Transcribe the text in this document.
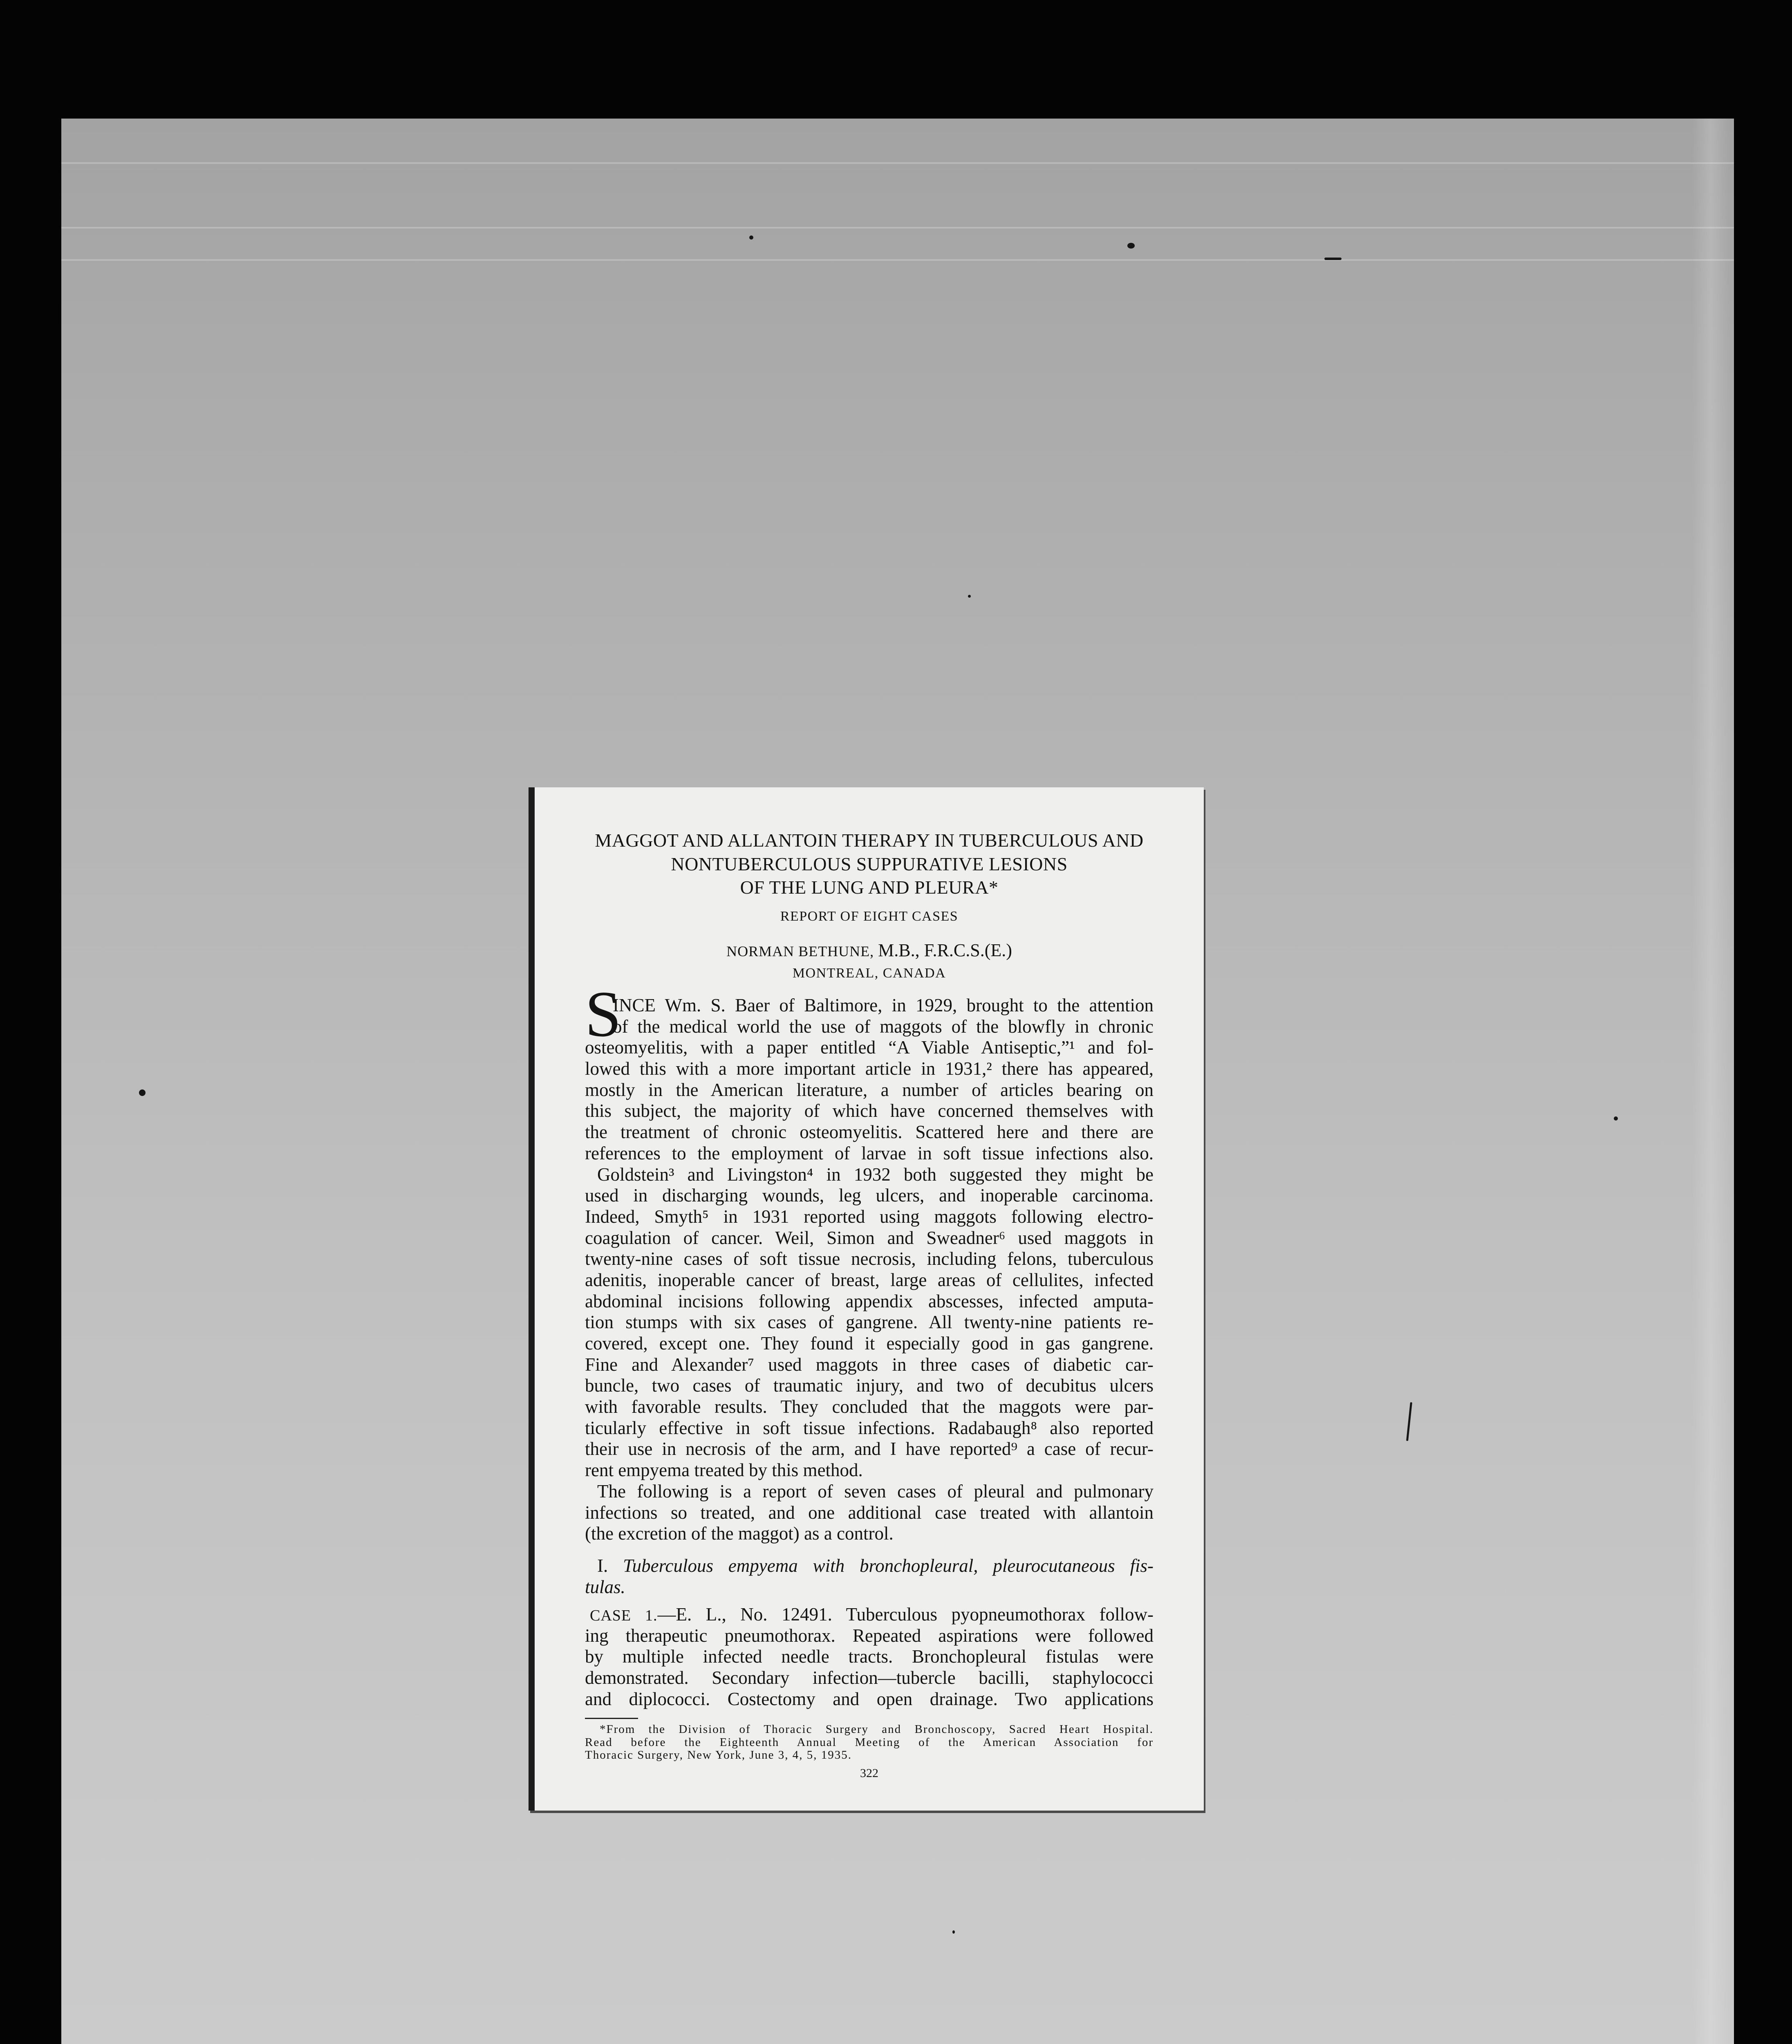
MAGGOT AND ALLANTOIN THERAPY IN TUBERCULOUS AND
NONTUBERCULOUS SUPPURATIVE LESIONS
OF THE LUNG AND PLEURA*
REPORT OF EIGHT CASES
NORMAN BETHUNE, M.B., F.R.C.S.(E.)
MONTREAL, CANADA
S
INCE Wm. S. Baer of Baltimore, in 1929, brought to the attention
of the medical world the use of maggots of the blowfly in chronic
osteomyelitis, with a paper entitled “A Viable Antiseptic,”¹ and fol-
lowed this with a more important article in 1931,² there has appeared,
mostly in the American literature, a number of articles bearing on
this subject, the majority of which have concerned themselves with
the treatment of chronic osteomyelitis. Scattered here and there are
references to the employment of larvae in soft tissue infections also.
Goldstein³ and Livingston⁴ in 1932 both suggested they might be
used in discharging wounds, leg ulcers, and inoperable carcinoma.
Indeed, Smyth⁵ in 1931 reported using maggots following electro-
coagulation of cancer. Weil, Simon and Sweadner⁶ used maggots in
twenty-nine cases of soft tissue necrosis, including felons, tuberculous
adenitis, inoperable cancer of breast, large areas of cellulites, infected
abdominal incisions following appendix abscesses, infected amputa-
tion stumps with six cases of gangrene. All twenty-nine patients re-
covered, except one. They found it especially good in gas gangrene.
Fine and Alexander⁷ used maggots in three cases of diabetic car-
buncle, two cases of traumatic injury, and two of decubitus ulcers
with favorable results. They concluded that the maggots were par-
ticularly effective in soft tissue infections. Radabaugh⁸ also reported
their use in necrosis of the arm, and I have reported⁹ a case of recur-
rent empyema treated by this method.
The following is a report of seven cases of pleural and pulmonary
infections so treated, and one additional case treated with allantoin
(the excretion of the maggot) as a control.
I. Tuberculous empyema with bronchopleural, pleurocutaneous fis-
tulas.
CASE 1.—E. L., No. 12491. Tuberculous pyopneumothorax follow-
ing therapeutic pneumothorax. Repeated aspirations were followed
by multiple infected needle tracts. Bronchopleural fistulas were
demonstrated. Secondary infection—tubercle bacilli, staphylococci
and diplococci. Costectomy and open drainage. Two applications
*From the Division of Thoracic Surgery and Bronchoscopy, Sacred Heart Hospital.
Read before the Eighteenth Annual Meeting of the American Association for
Thoracic Surgery, New York, June 3, 4, 5, 1935.
322
